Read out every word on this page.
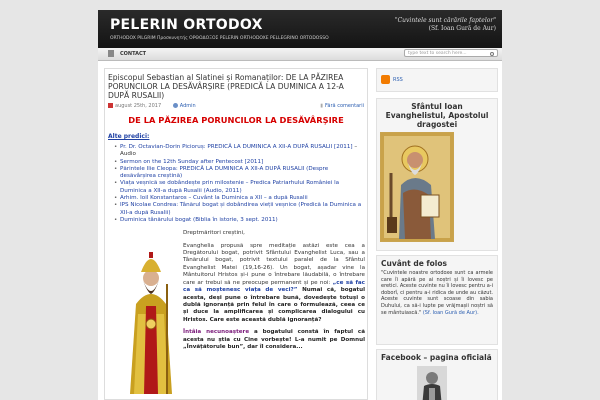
PELERIN ORTODOX
ORTHODOX PILGRIM Προσκυνητής ΟΡΘΟΔΟΞΟΣ PELERIN ORTHODOXE PELLEGRINO ORTODOSSO
"Cuvintele sunt cărările faptelor"
(Sf. Ioan Gură de Aur)
CONTACT	type text to search here...
Episcopul Sebastian al Slatinei și Romanaților: DE LA PĂZIREA PORUNCILOR LA DESĂVÂRȘIRE (PREDICĂ LA DUMINICA A 12-A DUPĂ RUSALII)
august 25th, 2017	Admin
▮	Fără comentarii
DE LA PĂZIREA PORUNCILOR LA DESĂVÂRȘIRE
Alte predici:
• Pr. Dr. Octavian-Dorin Picioruș: PREDICĂ LA DUMINICA A XII-A DUPĂ RUSALII [2011] – Audio
• Sermon on the 12th Sunday after Pentecost [2011]
• Părintele Ilie Cleopa: PREDICĂ LA DUMINICA A XII-A DUPĂ RUSALII (Despre desăvârșirea creștină)
• Viața veșnică se dobândește prin milostenie – Predica Patriarhului României la Duminica a XII-a după Rusalii (Audio, 2011)
• Arhim. Ioil Konstantaros – Cuvânt la Duminica a XII – a după Rusalii
• IPS Nicolae Condrea: Tânărul bogat și dobândirea vieții veșnice (Predică la Duminica a XII-a după Rusalii)
• Duminica tânărului bogat (Biblia în istorie, 3 sept. 2011)

Dreptmăritori creștini,

Evanghelia propusă spre meditație astăzi este cea a Dregătorului bogat, potrivit Sfântului Evanghelist Luca, sau a Tânărului bogat, potrivit textului paralel de la Sfântul Evanghelist Matei (19,16-26). Un bogat, așadar vine la Mântuitorul Hristos și-i pune o întrebare lăudabilă, o întrebare care ar trebui să ne preocupe permanent și pe noi: „ce să fac ca să moștenesc viața de veci?” Numai că, bogatul acesta, deși pune o întrebare bună, dovedește totuși o dublă ignoranță prin felul în care o formulează, ceea ce și duce la amplificarea și complicarea dialogului cu Hristos. Care este această dublă ignoranță?

Întâia necunoaștere a bogatului constă în faptul că acesta nu știa cu Cine vorbește! L-a numit pe Domnul „Învățătorule bun”, dar îl considera...

RSS
Sfântul Ioan Evanghelistul, Apostolul dragostei
Cuvânt de folos
"Cuvintele noastre ortodoxe sunt ca armele care îi apără pe ai noștri și îi lovesc pe eretici. Aceste cuvinte nu îi lovesc pentru a-i doborî, ci pentru a-i ridica de unde au căzut. Aceste cuvinte sunt scoase din sabia Duhului, ca să-i lupte pe vrăjmașii noștri să se mântuiască." (Sf. Ioan Gură de Aur).
Facebook – pagina oficială
